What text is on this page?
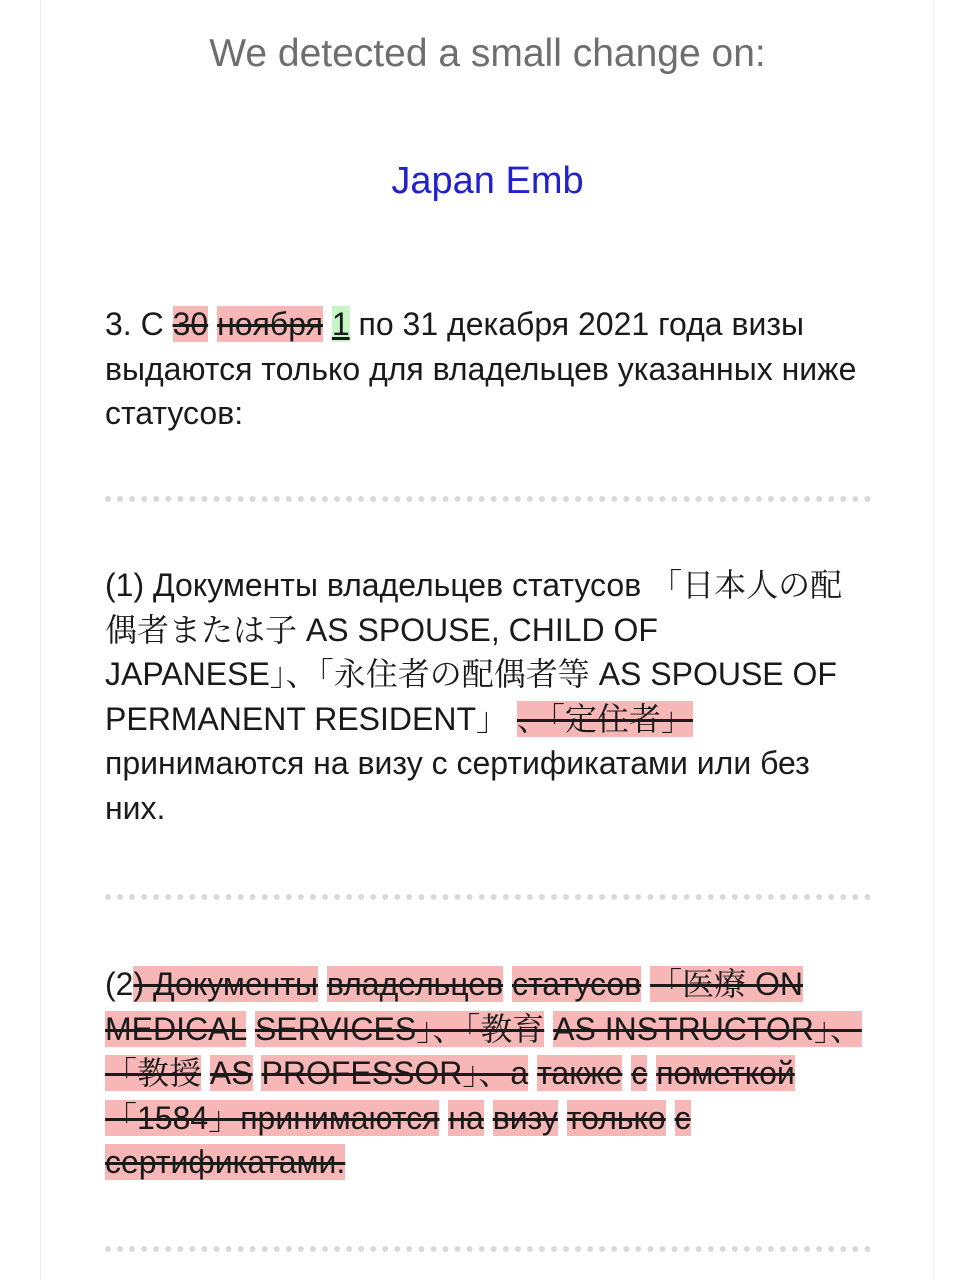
We detected a small change on:
Japan Emb
3. С 30 ноября 1 по 31 декабря 2021 года визы выдаются только для владельцев указанных ниже статусов:
(1) Документы владельцев статусов 「日本人の配偶者または子 AS SPOUSE, CHILD OF JAPANESE」、「永住者の配偶者等 AS SPOUSE OF PERMANENT RESIDENT」 、「定住者」 принимаются на визу с сертификатами или без них.
(2) Документы владельцев статусов 「医療 ON MEDICAL SERVICES」、「教育 AS INSTRUCTOR」、「教授 AS PROFESSOR」、а также с пометкой 「1584」принимаются на визу только с сертификатами.
